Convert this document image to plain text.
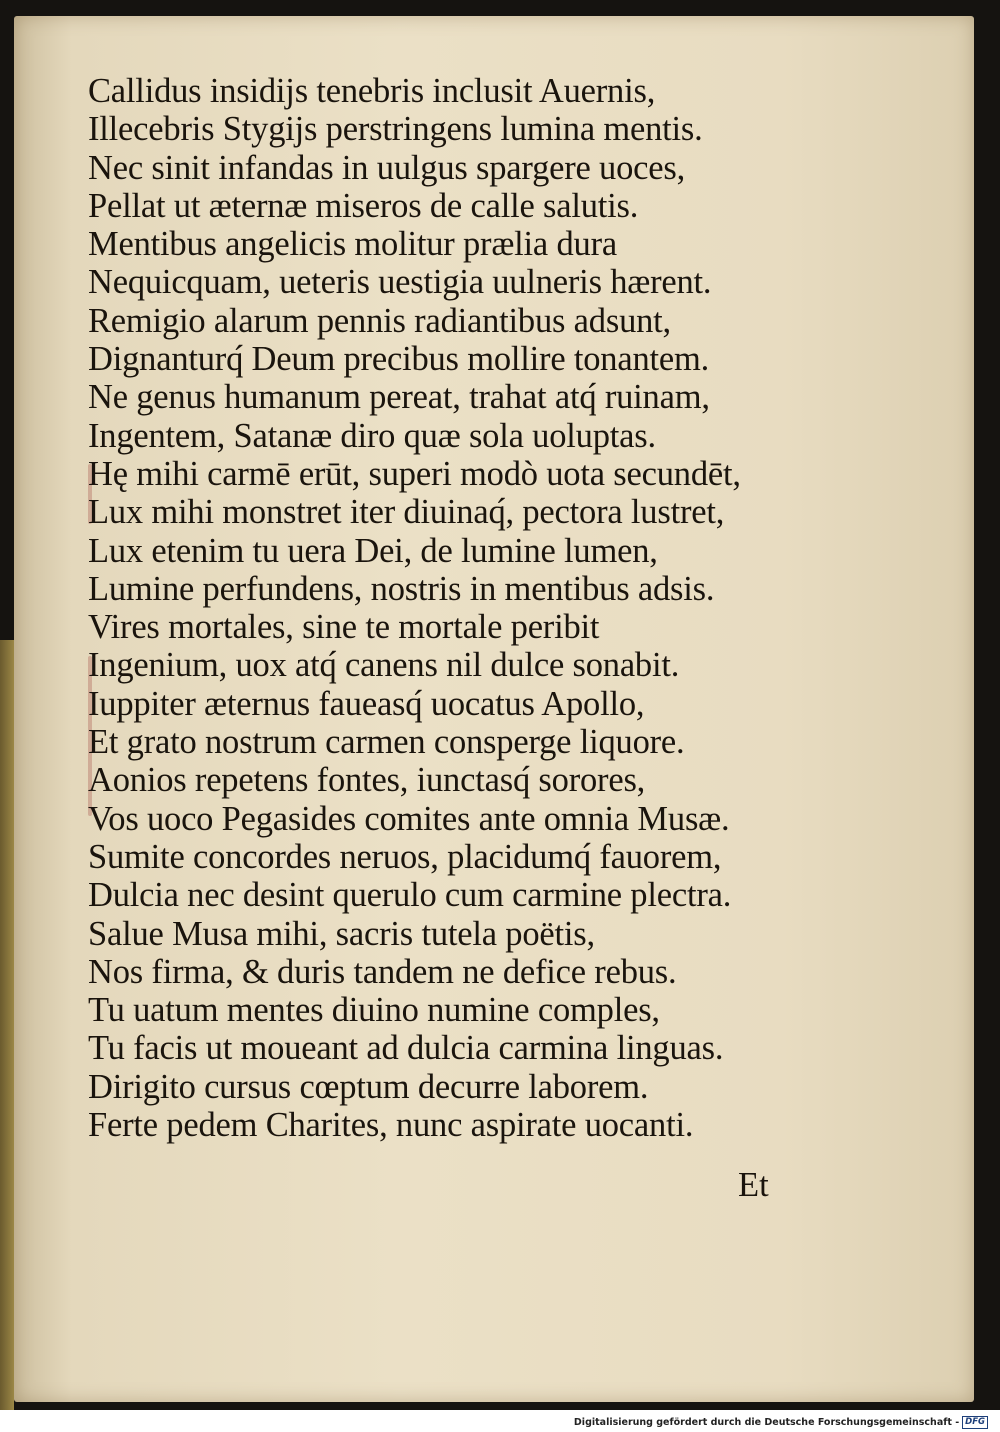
Callidus insidijs tenebris inclusit Auernis,
Illecebris Stygijs perstringens lumina mentis.
Nec sinit infandas in uulgus spargere uoces,
Pellat ut æternæ miseros de calle salutis.
Mentibus angelicis molitur prælia dura
Nequicquam, ueteris uestigia uulneris hærent.
Remigio alarum pennis radiantibus adsunt,
Dignanturq́ Deum precibus mollire tonantem.
Ne genus humanum pereat, trahat atq́ ruinam,
Ingentem, Satanæ diro quæ sola uoluptas.
Hę mihi carmē erūt, superi modò uota secundēt,
Lux mihi monstret iter diuinaq́, pectora lustret,
Lux etenim tu uera Dei, de lumine lumen,
Lumine perfundens, nostris in mentibus adsis.
Vires mortales, sine te mortale peribit
Ingenium, uox atq́ canens nil dulce sonabit.
Iuppiter æternus faueasq́ uocatus Apollo,
Et grato nostrum carmen consperge liquore.
Aonios repetens fontes, iunctasq́ sorores,
Vos uoco Pegasides comites ante omnia Musæ.
Sumite concordes neruos, placidumq́ fauorem,
Dulcia nec desint querulo cum carmine plectra.
Salue Musa mihi, sacris tutela poëtis,
Nos firma, & duris tandem ne deficе rebus.
Tu uatum mentes diuino numine comples,
Tu facis ut moueant ad dulcia carmina linguas.
Dirigito cursus cœptum decurre laborem.
Ferte pedem Charites, nunc aspirate uocanti.
Et
Digitalisierung gefördert durch die Deutsche Forschungsgemeinschaft - DFG
